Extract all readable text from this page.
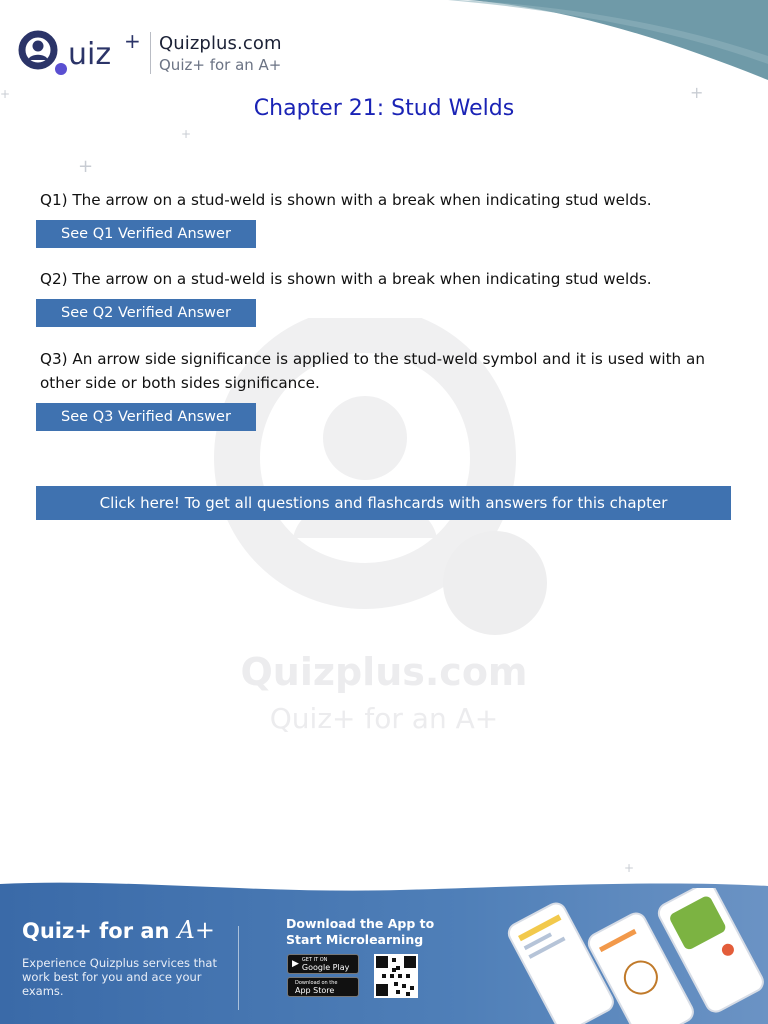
+
+
+
+
+
uiz + Quizplus.com
Quiz+ for an A+
Quizplus.com
Quiz+ for an A+
Chapter 21: Stud Welds

Q1) The arrow on a stud-weld is shown with a break when indicating stud welds.

See Q1 Verified Answer

Q2) The arrow on a stud-weld is shown with a break when indicating stud welds.

See Q2 Verified Answer

Q3) An arrow side significance is applied to the stud-weld symbol and it is used with an other side or both sides significance.

See Q3 Verified Answer
Click here! To get all questions and flashcards with answers for this chapter
Quiz+ for an A+

Experience Quizplus services that work best for you and ace your exams.

Download the App to Start Microlearning

▶ GET IT ON
Google Play
Download on the
App Store
